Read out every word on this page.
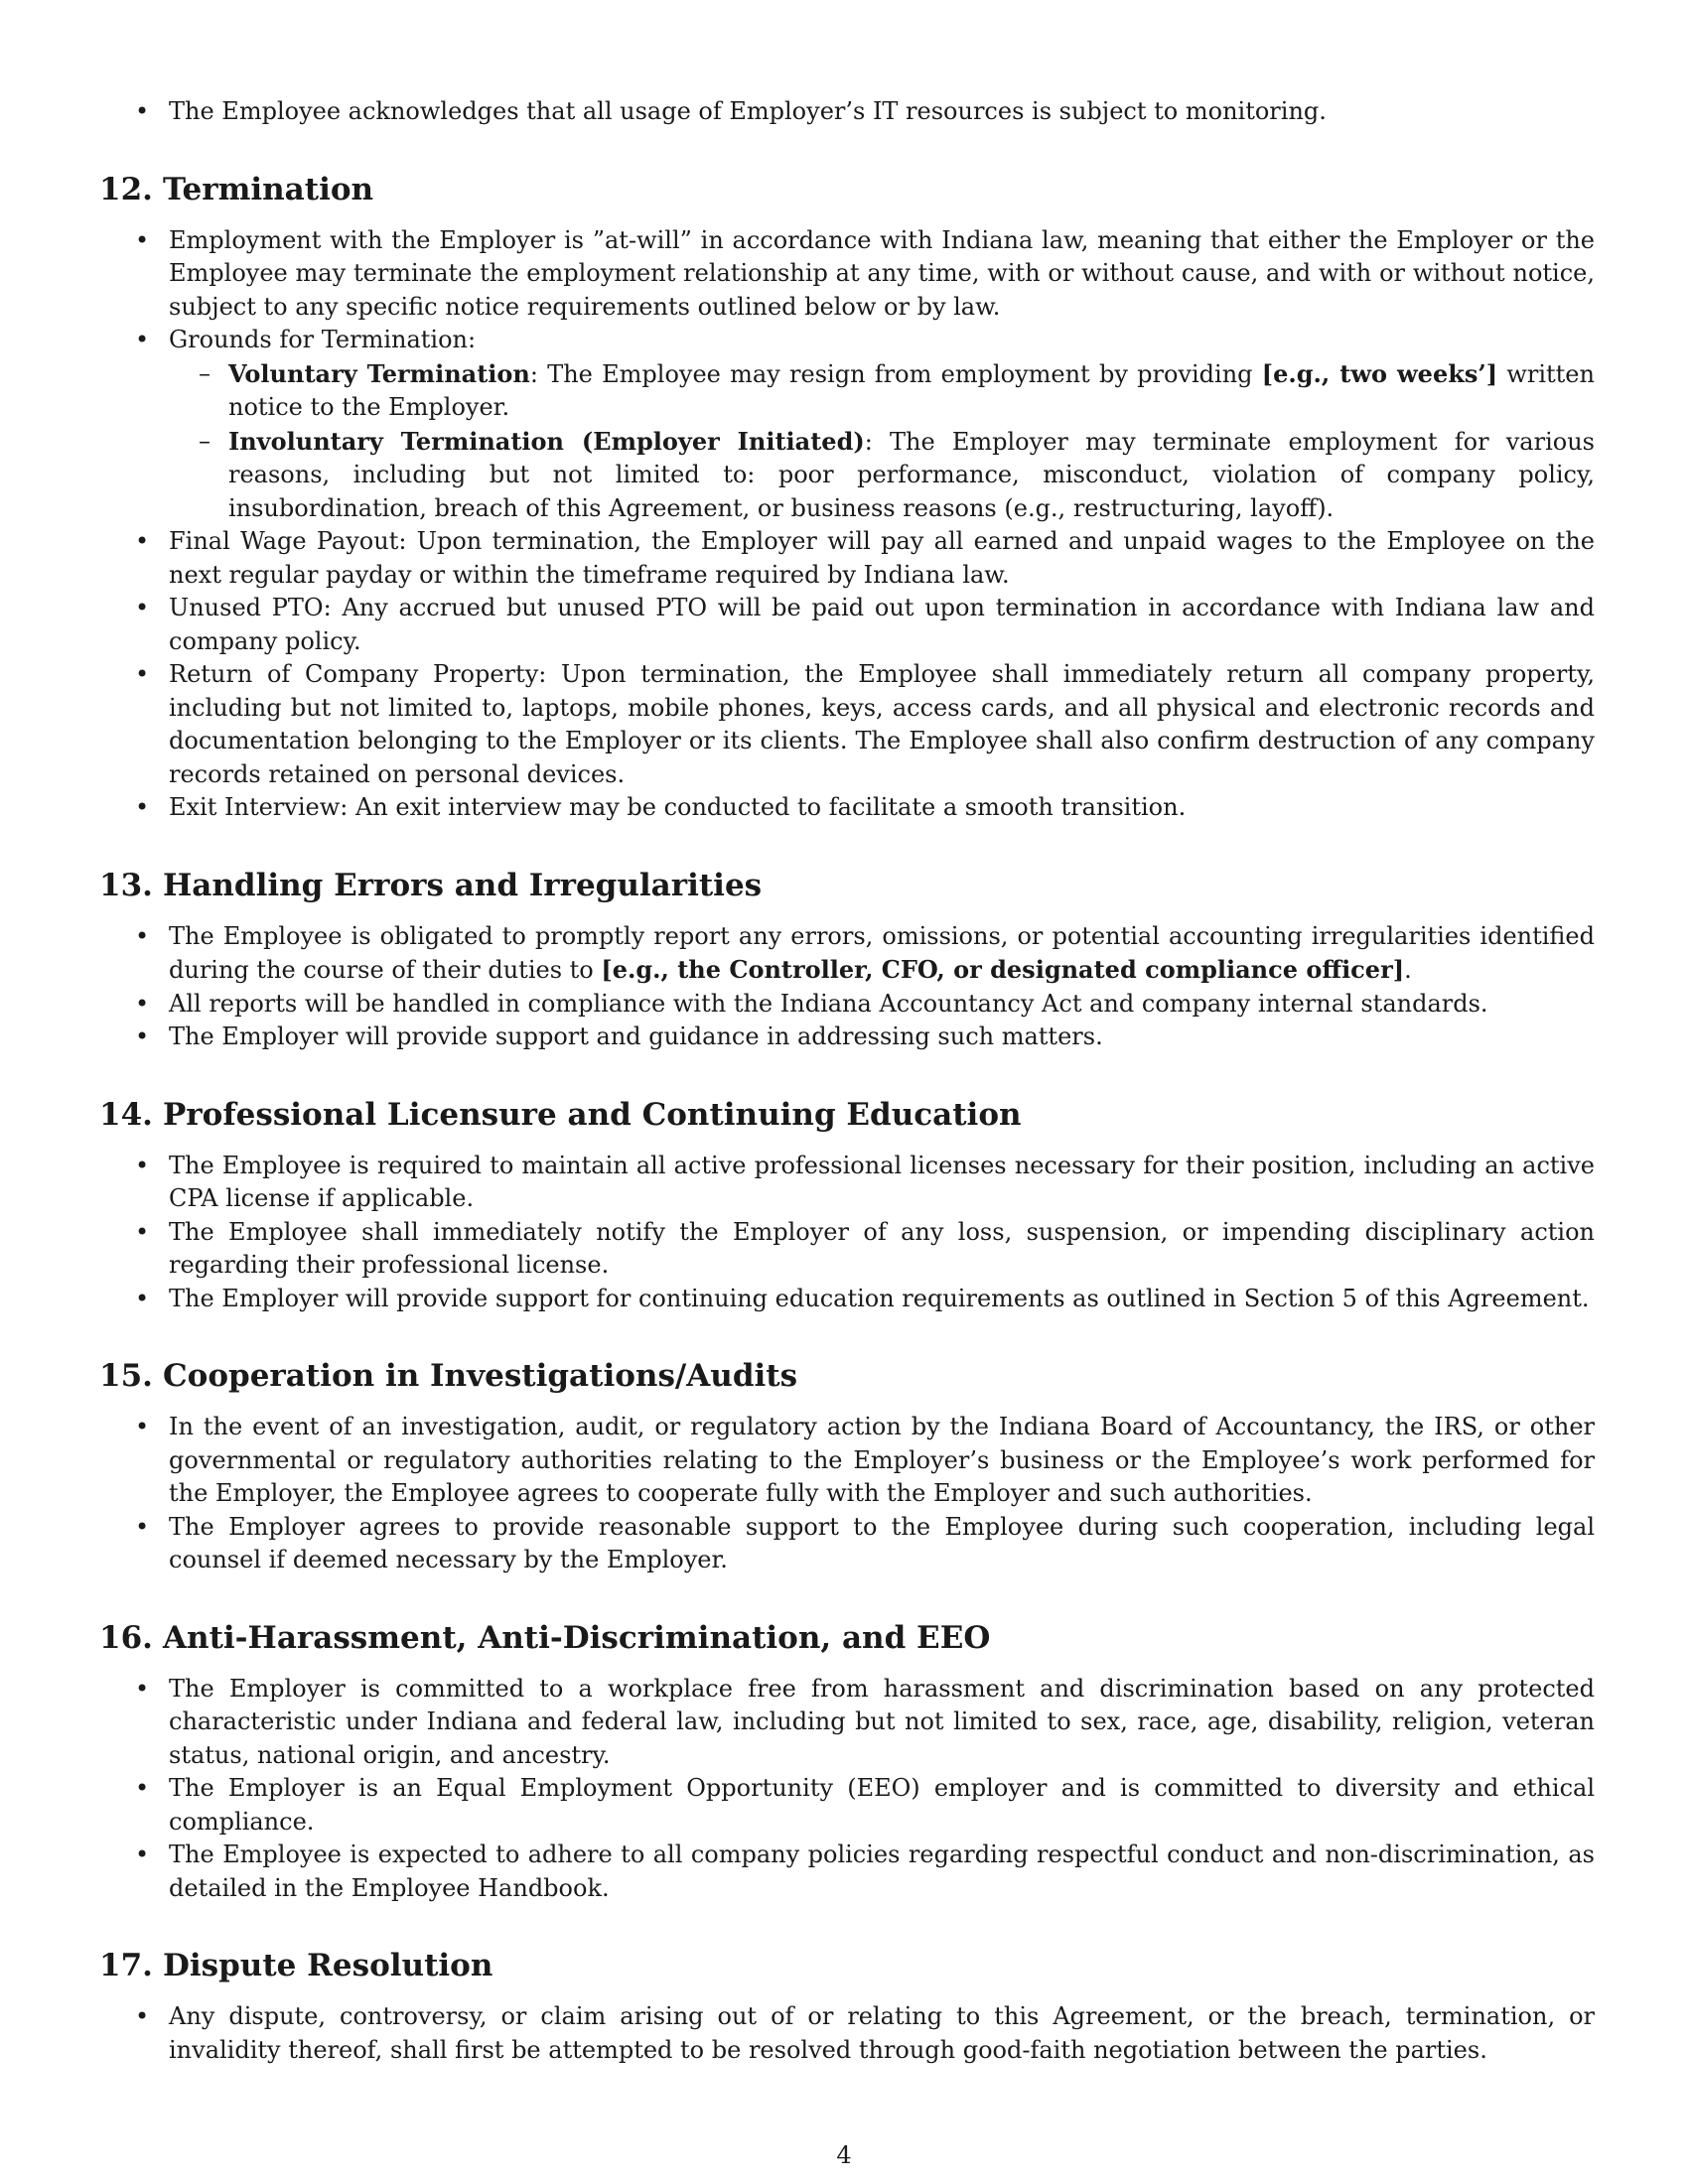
• The Employee acknowledges that all usage of Employer’s IT resources is subject to monitoring.
12. Termination
• Employment with the Employer is ”at-will” in accordance with Indiana law, meaning that either the Employer or the Employee may terminate the employment relationship at any time, with or without cause, and with or without notice, subject to any specific notice requirements outlined below or by law.
• Grounds for Termination:
– Voluntary Termination: The Employee may resign from employment by providing [e.g., two weeks’] written notice to the Employer.
– Involuntary Termination (Employer Initiated): The Employer may terminate employment for various reasons, including but not limited to: poor performance, misconduct, violation of company policy, insubordination, breach of this Agreement, or business reasons (e.g., restructuring, layoff).
• Final Wage Payout: Upon termination, the Employer will pay all earned and unpaid wages to the Employee on the next regular payday or within the timeframe required by Indiana law.
• Unused PTO: Any accrued but unused PTO will be paid out upon termination in accordance with Indiana law and company policy.
• Return of Company Property: Upon termination, the Employee shall immediately return all company property, including but not limited to, laptops, mobile phones, keys, access cards, and all physical and electronic records and documentation belonging to the Employer or its clients. The Employee shall also confirm destruction of any company records retained on personal devices.
• Exit Interview: An exit interview may be conducted to facilitate a smooth transition.
13. Handling Errors and Irregularities
• The Employee is obligated to promptly report any errors, omissions, or potential accounting irregularities identified during the course of their duties to [e.g., the Controller, CFO, or designated compliance officer].
• All reports will be handled in compliance with the Indiana Accountancy Act and company internal standards.
• The Employer will provide support and guidance in addressing such matters.
14. Professional Licensure and Continuing Education
• The Employee is required to maintain all active professional licenses necessary for their position, including an active CPA license if applicable.
• The Employee shall immediately notify the Employer of any loss, suspension, or impending disciplinary action regarding their professional license.
• The Employer will provide support for continuing education requirements as outlined in Section 5 of this Agreement.
15. Cooperation in Investigations/Audits
• In the event of an investigation, audit, or regulatory action by the Indiana Board of Accountancy, the IRS, or other governmental or regulatory authorities relating to the Employer’s business or the Employee’s work performed for the Employer, the Employee agrees to cooperate fully with the Employer and such authorities.
• The Employer agrees to provide reasonable support to the Employee during such cooperation, including legal counsel if deemed necessary by the Employer.
16. Anti-Harassment, Anti-Discrimination, and EEO
• The Employer is committed to a workplace free from harassment and discrimination based on any protected characteristic under Indiana and federal law, including but not limited to sex, race, age, disability, religion, veteran status, national origin, and ancestry.
• The Employer is an Equal Employment Opportunity (EEO) employer and is committed to diversity and ethical compliance.
• The Employee is expected to adhere to all company policies regarding respectful conduct and non-discrimination, as detailed in the Employee Handbook.
17. Dispute Resolution
• Any dispute, controversy, or claim arising out of or relating to this Agreement, or the breach, termination, or invalidity thereof, shall first be attempted to be resolved through good-faith negotiation between the parties.
4
